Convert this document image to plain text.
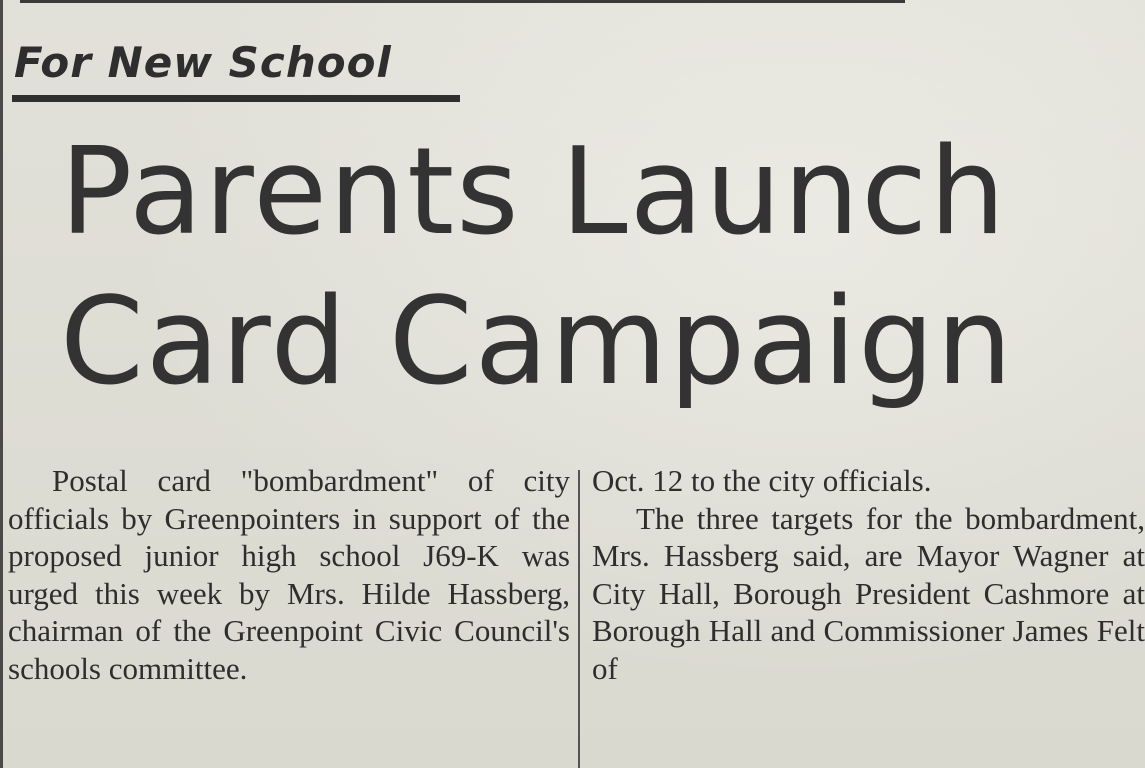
For New School
Parents Launch
Card Campaign

Postal card "bombardment" of city officials by Greenpointers in support of the proposed junior high school J69-K was urged this week by Mrs. Hilde Hassberg, chairman of the Greenpoint Civic Council's schools committee.

Oct. 12 to the city officials.

The three targets for the bombardment, Mrs. Hassberg said, are Mayor Wagner at City Hall, Borough President Cashmore at Borough Hall and Commissioner James Felt of
